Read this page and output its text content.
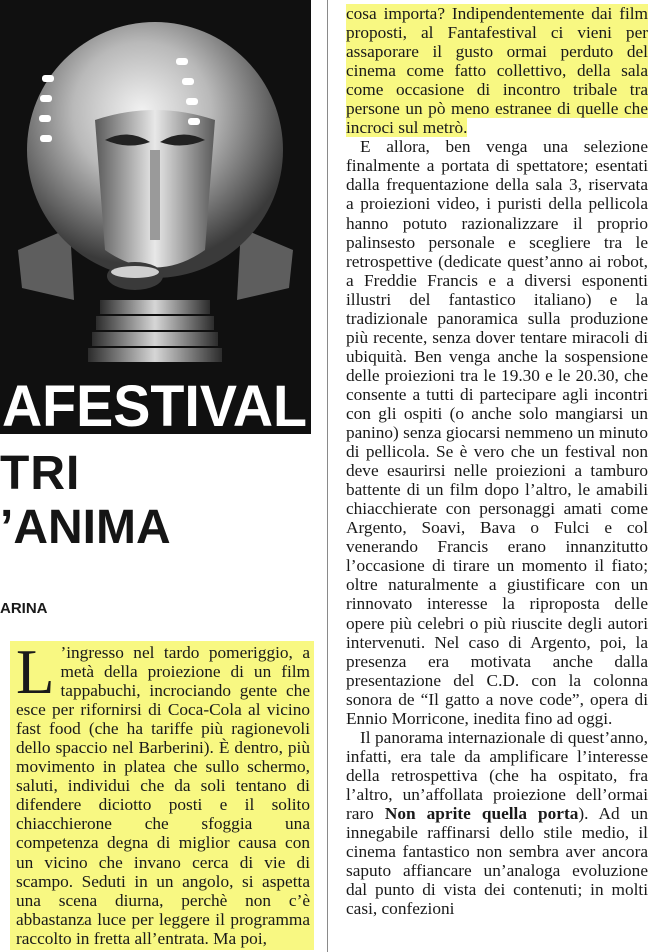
AFESTIVAL
TRI
’ANIMA
ARINA

L ’ingresso nel tardo pomeriggio, a metà della proiezione di un film tappabuchi, incrociando gente che esce per rifornirsi di Coca-Cola al vicino fast food (che ha tariffe più ragionevoli dello spaccio nel Barberini). È dentro, più movimento in platea che sullo schermo, saluti, individui che da soli tentano di difendere diciotto posti e il solito chiacchierone che sfoggia una competenza degna di miglior causa con un vicino che invano cerca di vie di scampo. Seduti in un angolo, si aspetta una scena diurna, perchè non c’è abbastanza luce per leggere il programma raccolto in fretta all’entrata. Ma poi,

cosa importa? Indipendentemente dai film proposti, al Fantafestival ci vieni per assaporare il gusto ormai perduto del cinema come fatto collettivo, della sala come occasione di incontro tribale tra persone un pò meno estranee di quelle che incroci sul metrò.

E allora, ben venga una selezione finalmente a portata di spettatore; esentati dalla frequentazione della sala 3, riservata a proiezioni video, i puristi della pellicola hanno potuto razionalizzare il proprio palinsesto personale e scegliere tra le retrospettive (dedicate quest’anno ai robot, a Freddie Francis e a diversi esponenti illustri del fantastico italiano) e la tradizionale panoramica sulla produzione più recente, senza dover tentare miracoli di ubiquità. Ben venga anche la sospensione delle proiezioni tra le 19.30 e le 20.30, che consente a tutti di partecipare agli incontri con gli ospiti (o anche solo mangiarsi un panino) senza giocarsi nemmeno un minuto di pellicola. Se è vero che un festival non deve esaurirsi nelle proiezioni a tamburo battente di un film dopo l’altro, le amabili chiacchierate con personaggi amati come Argento, Soavi, Bava o Fulci e col venerando Francis erano innanzitutto l’occasione di tirare un momento il fiato; oltre naturalmente a giustificare con un rinnovato interesse la riproposta delle opere più celebri o più riuscite degli autori intervenuti. Nel caso di Argento, poi, la presenza era motivata anche dalla presentazione del C.D. con la colonna sonora de “Il gatto a nove code”, opera di Ennio Morricone, inedita fino ad oggi.

Il panorama internazionale di quest’anno, infatti, era tale da amplificare l’interesse della retrospettiva (che ha ospitato, fra l’altro, un’affollata proiezione dell’ormai raro Non aprite quella porta). Ad un innegabile raffinarsi dello stile medio, il cinema fantastico non sembra aver ancora saputo affiancare un’analoga evoluzione dal punto di vista dei contenuti; in molti casi, confezioni
